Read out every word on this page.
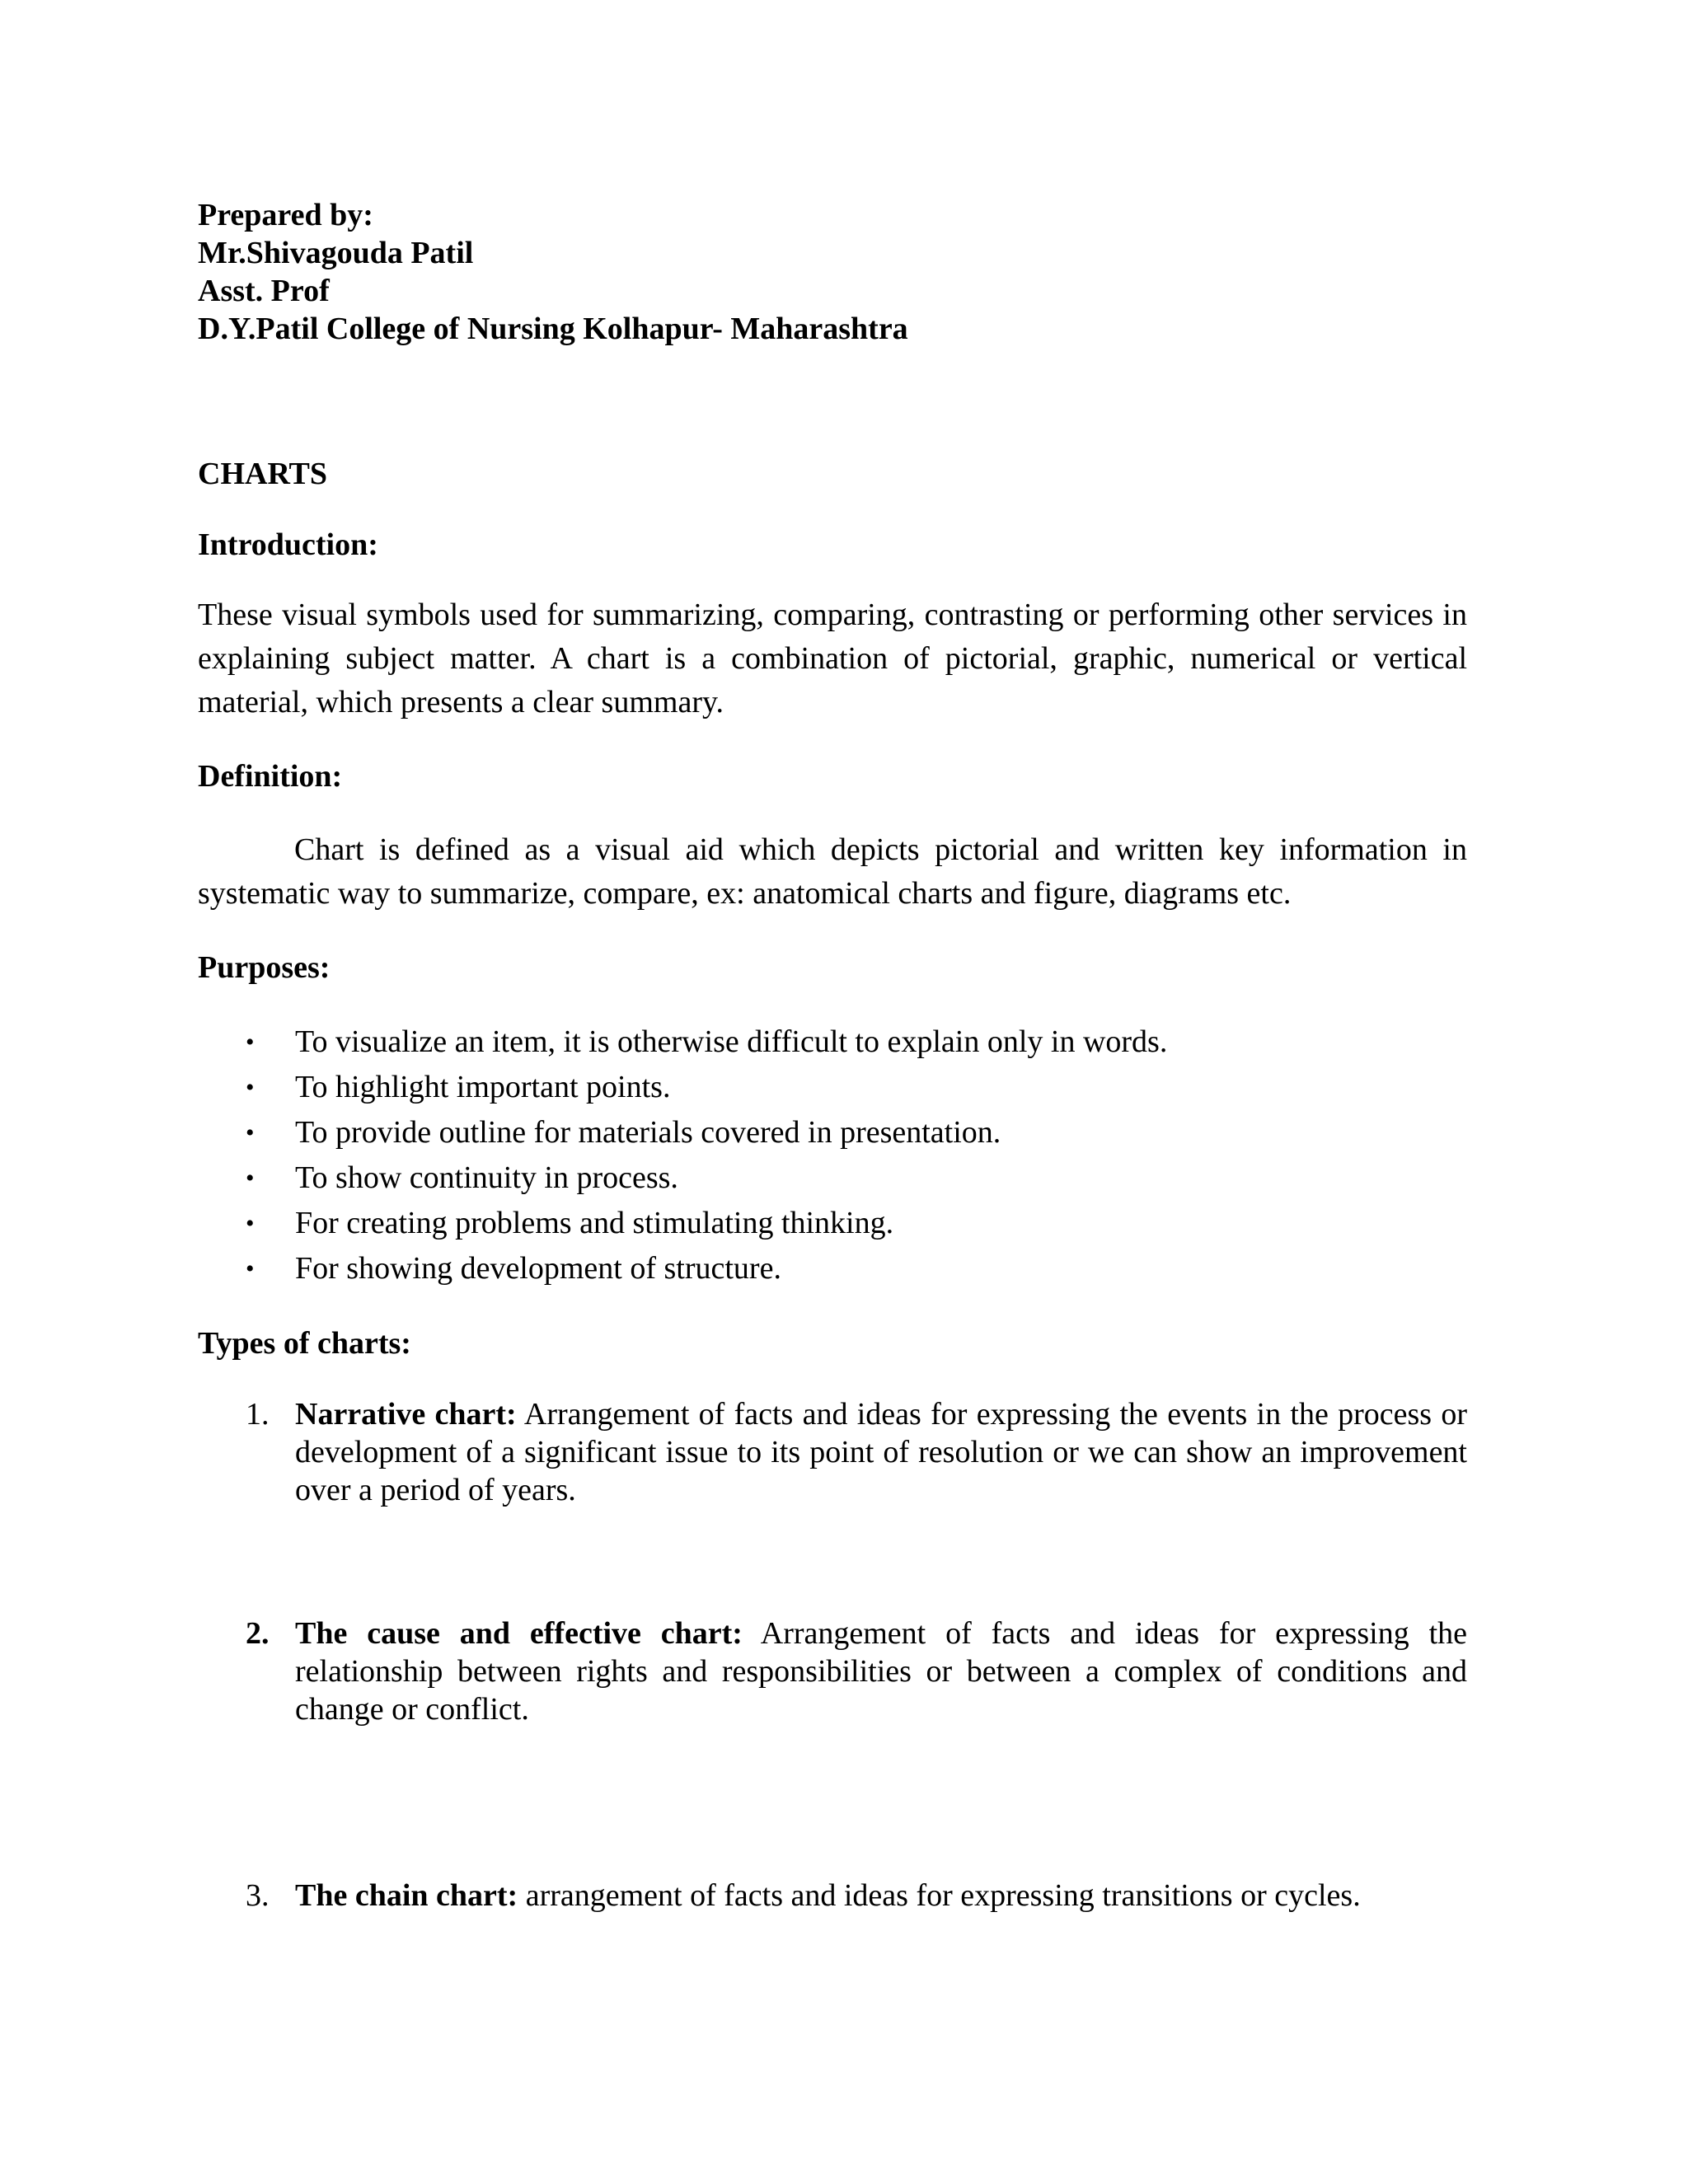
Prepared by:
Mr.Shivagouda Patil
Asst. Prof
D.Y.Patil College of Nursing Kolhapur- Maharashtra
CHARTS
Introduction:
These visual symbols used for summarizing, comparing, contrasting or performing other services in explaining subject matter. A chart is a combination of pictorial, graphic, numerical or vertical material, which presents a clear summary.
Definition:
Chart is defined as a visual aid which depicts pictorial and written key information in systematic way to summarize, compare, ex: anatomical charts and figure, diagrams etc.
Purposes:
• To visualize an item, it is otherwise difficult to explain only in words.
• To highlight important points.
• To provide outline for materials covered in presentation.
• To show continuity in process.
• For creating problems and stimulating thinking.
• For showing development of structure.
Types of charts:
1. Narrative chart: Arrangement of facts and ideas for expressing the events in the process or development of a significant issue to its point of resolution or we can show an improvement over a period of years.
2. The cause and effective chart: Arrangement of facts and ideas for expressing the relationship between rights and responsibilities or between a complex of conditions and change or conflict.
3. The chain chart: arrangement of facts and ideas for expressing transitions or cycles.
